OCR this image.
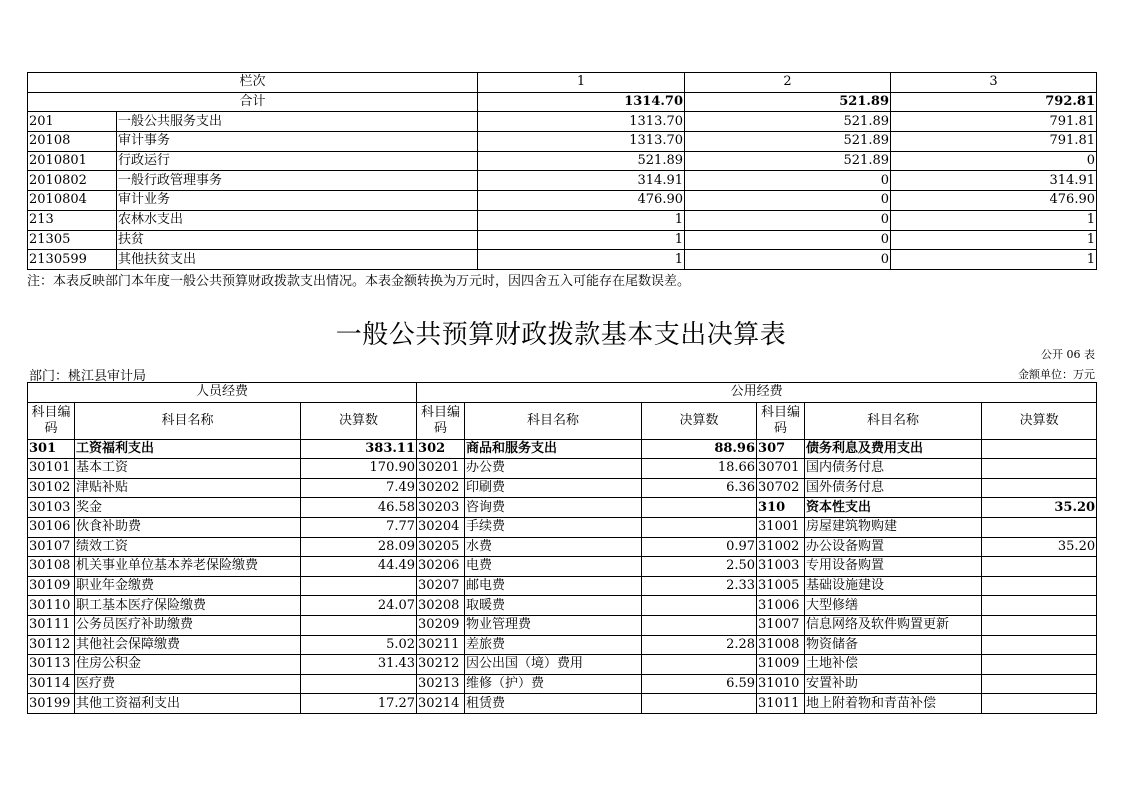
栏次		1	2	3
合计		1314.70	521.89	792.81
201	一般公共服务支出	1313.70	521.89	791.81
20108	审计事务	1313.70	521.89	791.81
2010801	行政运行	521.89	521.89	0
2010802	一般行政管理事务	314.91	0	314.91
2010804	审计业务	476.90	0	476.90
213	农林水支出	1	0	1
21305	扶贫	1	0	1
2130599	其他扶贫支出	1	0	1
注：本表反映部门本年度一般公共预算财政拨款支出情况。本表金额转换为万元时，因四舍五入可能存在尾数误差。
一般公共预算财政拨款基本支出决算表
公开 06 表
部门：桃江县审计局	金额单位：万元
人员经费			公用经费					
科目编码	科目名称	决算数	科目编码	科目名称	决算数	科目编码	科目名称	决算数
301	工资福利支出	383.11	302	商品和服务支出	88.96	307	债务利息及费用支出	
30101	基本工资	170.90	30201	办公费	18.66	30701	国内债务付息	
30102	津贴补贴	7.49	30202	印刷费	6.36	30702	国外债务付息	
30103	奖金	46.58	30203	咨询费		310	资本性支出	35.20
30106	伙食补助费	7.77	30204	手续费		31001	房屋建筑物购建	
30107	绩效工资	28.09	30205	水费	0.97	31002	办公设备购置	35.20
30108	机关事业单位基本养老保险缴费	44.49	30206	电费	2.50	31003	专用设备购置	
30109	职业年金缴费		30207	邮电费	2.33	31005	基础设施建设	
30110	职工基本医疗保险缴费	24.07	30208	取暖费		31006	大型修缮	
30111	公务员医疗补助缴费		30209	物业管理费		31007	信息网络及软件购置更新	
30112	其他社会保障缴费	5.02	30211	差旅费	2.28	31008	物资储备	
30113	住房公积金	31.43	30212	因公出国（境）费用		31009	土地补偿	
30114	医疗费		30213	维修（护）费	6.59	31010	安置补助	
30199	其他工资福利支出	17.27	30214	租赁费		31011	地上附着物和青苗补偿	
